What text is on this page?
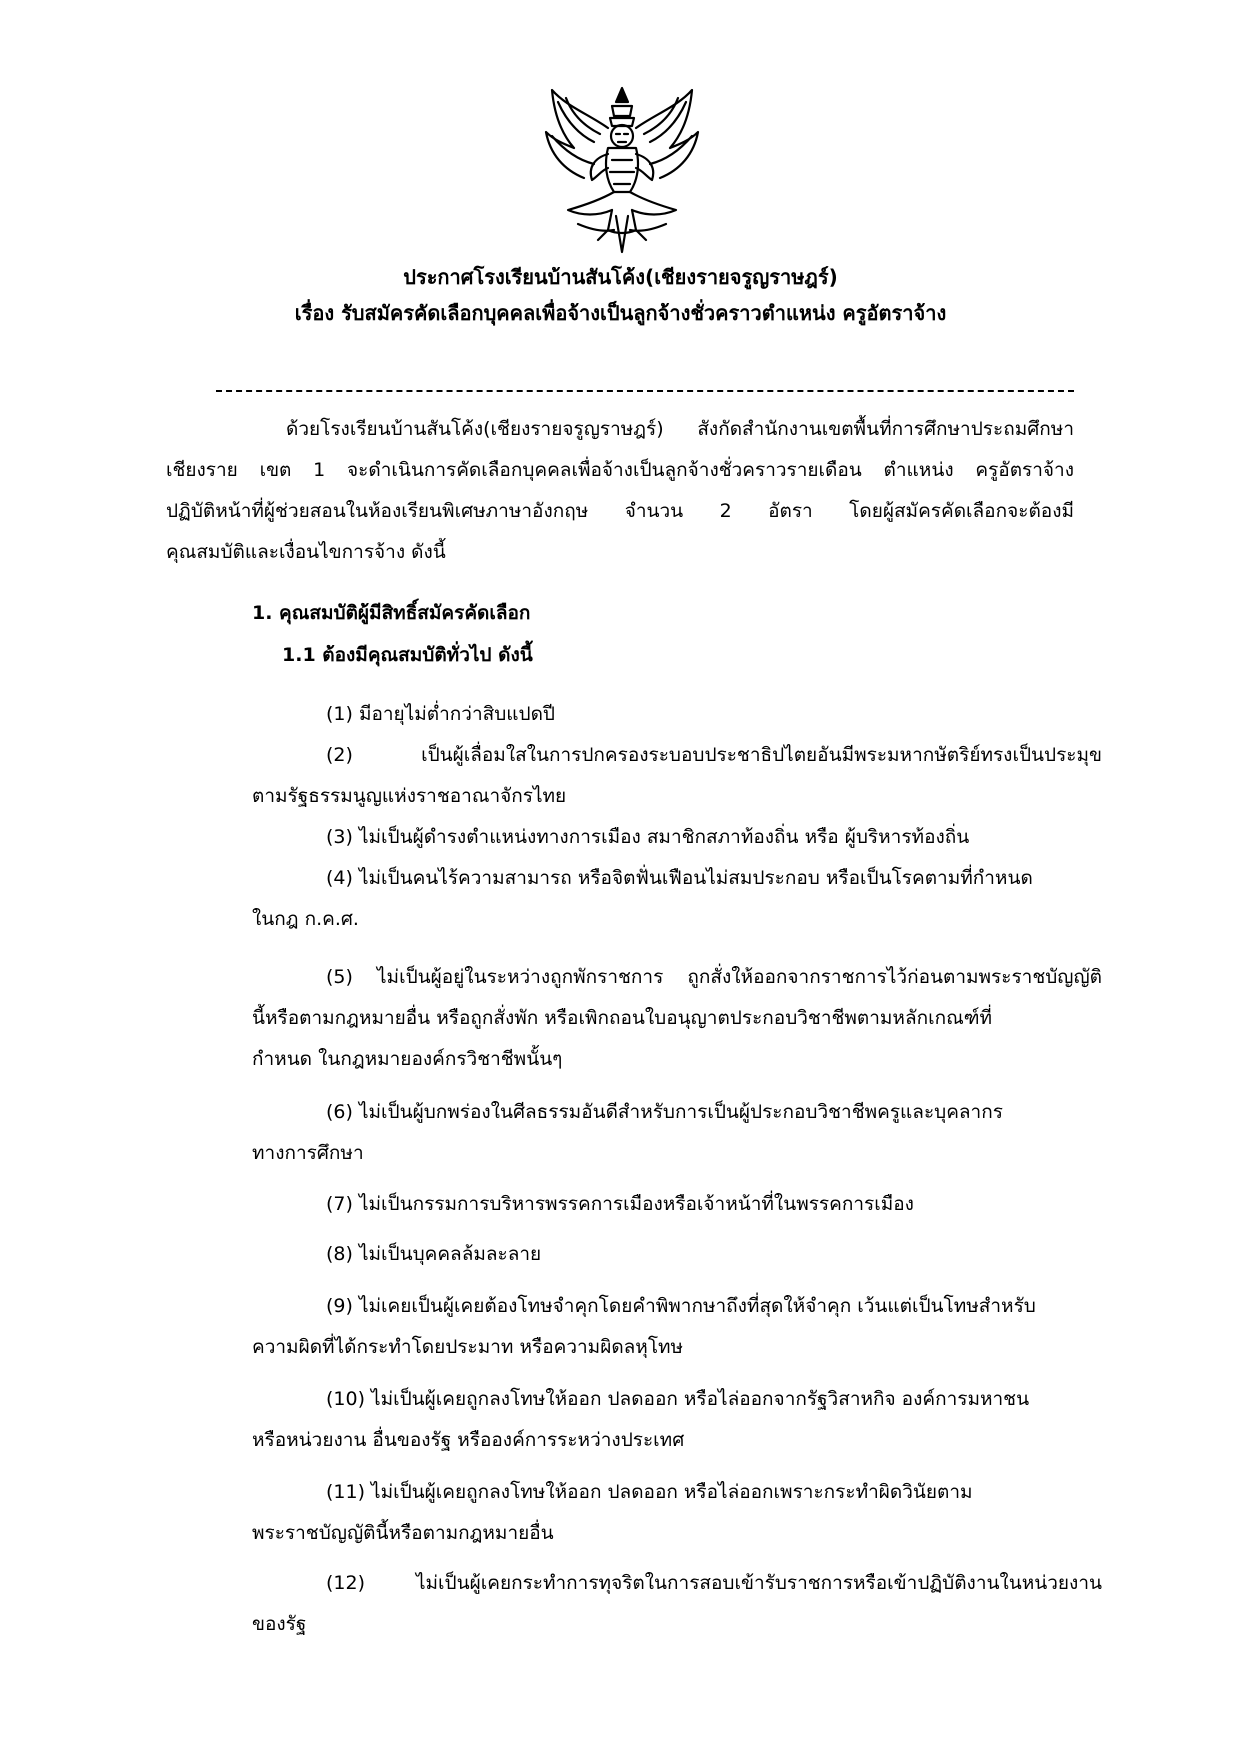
ประกาศโรงเรียนบ้านสันโค้ง(เชียงรายจรูญราษฎร์)
เรื่อง รับสมัครคัดเลือกบุคคลเพื่อจ้างเป็นลูกจ้างชั่วคราวตำแหน่ง ครูอัตราจ้าง
ด้วยโรงเรียนบ้านสันโค้ง(เชียงรายจรูญราษฎร์) สังกัดสำนักงานเขตพื้นที่การศึกษาประถมศึกษา
เชียงราย เขต 1 จะดำเนินการคัดเลือกบุคคลเพื่อจ้างเป็นลูกจ้างชั่วคราวรายเดือน ตำแหน่ง ครูอัตราจ้าง
ปฏิบัติหน้าที่ผู้ช่วยสอนในห้องเรียนพิเศษภาษาอังกฤษ จำนวน 2 อัตรา โดยผู้สมัครคัดเลือกจะต้องมี
คุณสมบัติและเงื่อนไขการจ้าง ดังนี้
1. คุณสมบัติผู้มีสิทธิ์สมัครคัดเลือก
1.1 ต้องมีคุณสมบัติทั่วไป ดังนี้
(1) มีอายุไม่ต่ำกว่าสิบแปดปี
(2) เป็นผู้เลื่อมใสในการปกครองระบอบประชาธิปไตยอันมีพระมหากษัตริย์ทรงเป็นประมุข
ตามรัฐธรรมนูญแห่งราชอาณาจักรไทย
(3) ไม่เป็นผู้ดำรงตำแหน่งทางการเมือง สมาชิกสภาท้องถิ่น หรือ ผู้บริหารท้องถิ่น
(4) ไม่เป็นคนไร้ความสามารถ หรือจิตฟั่นเฟือนไม่สมประกอบ หรือเป็นโรคตามที่กำหนด
ในกฎ ก.ค.ศ.
(5) ไม่เป็นผู้อยู่ในระหว่างถูกพักราชการ ถูกสั่งให้ออกจากราชการไว้ก่อนตามพระราชบัญญัติ
นี้หรือตามกฎหมายอื่น หรือถูกสั่งพัก หรือเพิกถอนใบอนุญาตประกอบวิชาชีพตามหลักเกณฑ์ที่
กำหนด ในกฎหมายองค์กรวิชาชีพนั้นๆ
(6) ไม่เป็นผู้บกพร่องในศีลธรรมอันดีสำหรับการเป็นผู้ประกอบวิชาชีพครูและบุคลากร
ทางการศึกษา
(7) ไม่เป็นกรรมการบริหารพรรคการเมืองหรือเจ้าหน้าที่ในพรรคการเมือง
(8) ไม่เป็นบุคคลล้มละลาย
(9) ไม่เคยเป็นผู้เคยต้องโทษจำคุกโดยคำพิพากษาถึงที่สุดให้จำคุก เว้นแต่เป็นโทษสำหรับ
ความผิดที่ได้กระทำโดยประมาท หรือความผิดลหุโทษ
(10) ไม่เป็นผู้เคยถูกลงโทษให้ออก ปลดออก หรือไล่ออกจากรัฐวิสาหกิจ องค์การมหาชน
หรือหน่วยงาน อื่นของรัฐ หรือองค์การระหว่างประเทศ
(11) ไม่เป็นผู้เคยถูกลงโทษให้ออก ปลดออก หรือไล่ออกเพราะกระทำผิดวินัยตาม
พระราชบัญญัตินี้หรือตามกฎหมายอื่น
(12) ไม่เป็นผู้เคยกระทำการทุจริตในการสอบเข้ารับราชการหรือเข้าปฏิบัติงานในหน่วยงาน
ของรัฐ
